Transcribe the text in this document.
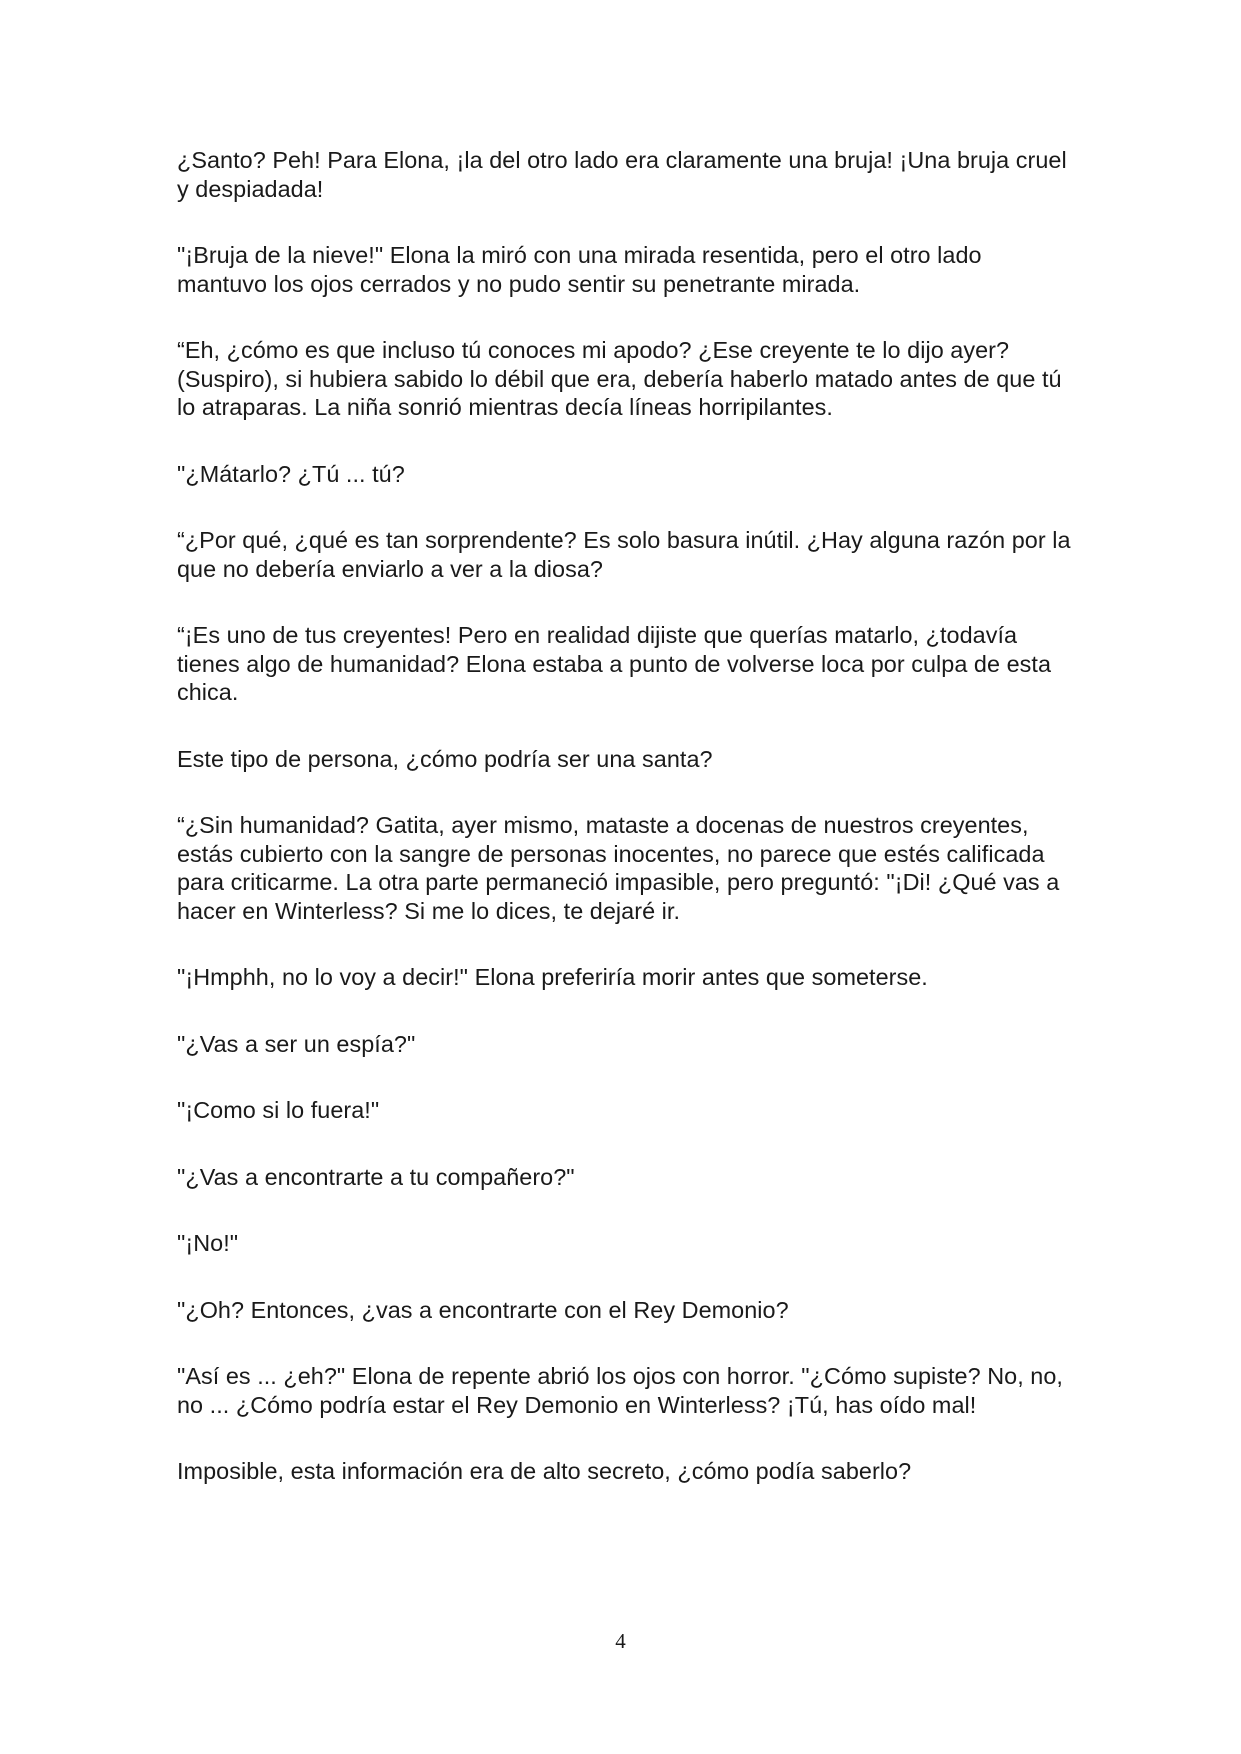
¿Santo? Peh! Para Elona, ¡la del otro lado era claramente una bruja! ¡Una bruja cruel y despiadada!

"¡Bruja de la nieve!" Elona la miró con una mirada resentida, pero el otro lado mantuvo los ojos cerrados y no pudo sentir su penetrante mirada.

“Eh, ¿cómo es que incluso tú conoces mi apodo? ¿Ese creyente te lo dijo ayer? (Suspiro), si hubiera sabido lo débil que era, debería haberlo matado antes de que tú lo atraparas. La niña sonrió mientras decía líneas horripilantes.

"¿Mátarlo? ¿Tú ... tú?

“¿Por qué, ¿qué es tan sorprendente? Es solo basura inútil. ¿Hay alguna razón por la que no debería enviarlo a ver a la diosa?

“¡Es uno de tus creyentes! Pero en realidad dijiste que querías matarlo, ¿todavía tienes algo de humanidad? Elona estaba a punto de volverse loca por culpa de esta chica.

Este tipo de persona, ¿cómo podría ser una santa?

“¿Sin humanidad? Gatita, ayer mismo, mataste a docenas de nuestros creyentes, estás cubierto con la sangre de personas inocentes, no parece que estés calificada para criticarme. La otra parte permaneció impasible, pero preguntó: "¡Di! ¿Qué vas a hacer en Winterless? Si me lo dices, te dejaré ir.

"¡Hmphh, no lo voy a decir!" Elona preferiría morir antes que someterse.

"¿Vas a ser un espía?"

"¡Como si lo fuera!"

"¿Vas a encontrarte a tu compañero?"

"¡No!"

"¿Oh? Entonces, ¿vas a encontrarte con el Rey Demonio?

"Así es ... ¿eh?" Elona de repente abrió los ojos con horror. "¿Cómo supiste? No, no, no ... ¿Cómo podría estar el Rey Demonio en Winterless? ¡Tú, has oído mal!

Imposible, esta información era de alto secreto, ¿cómo podía saberlo?

4
